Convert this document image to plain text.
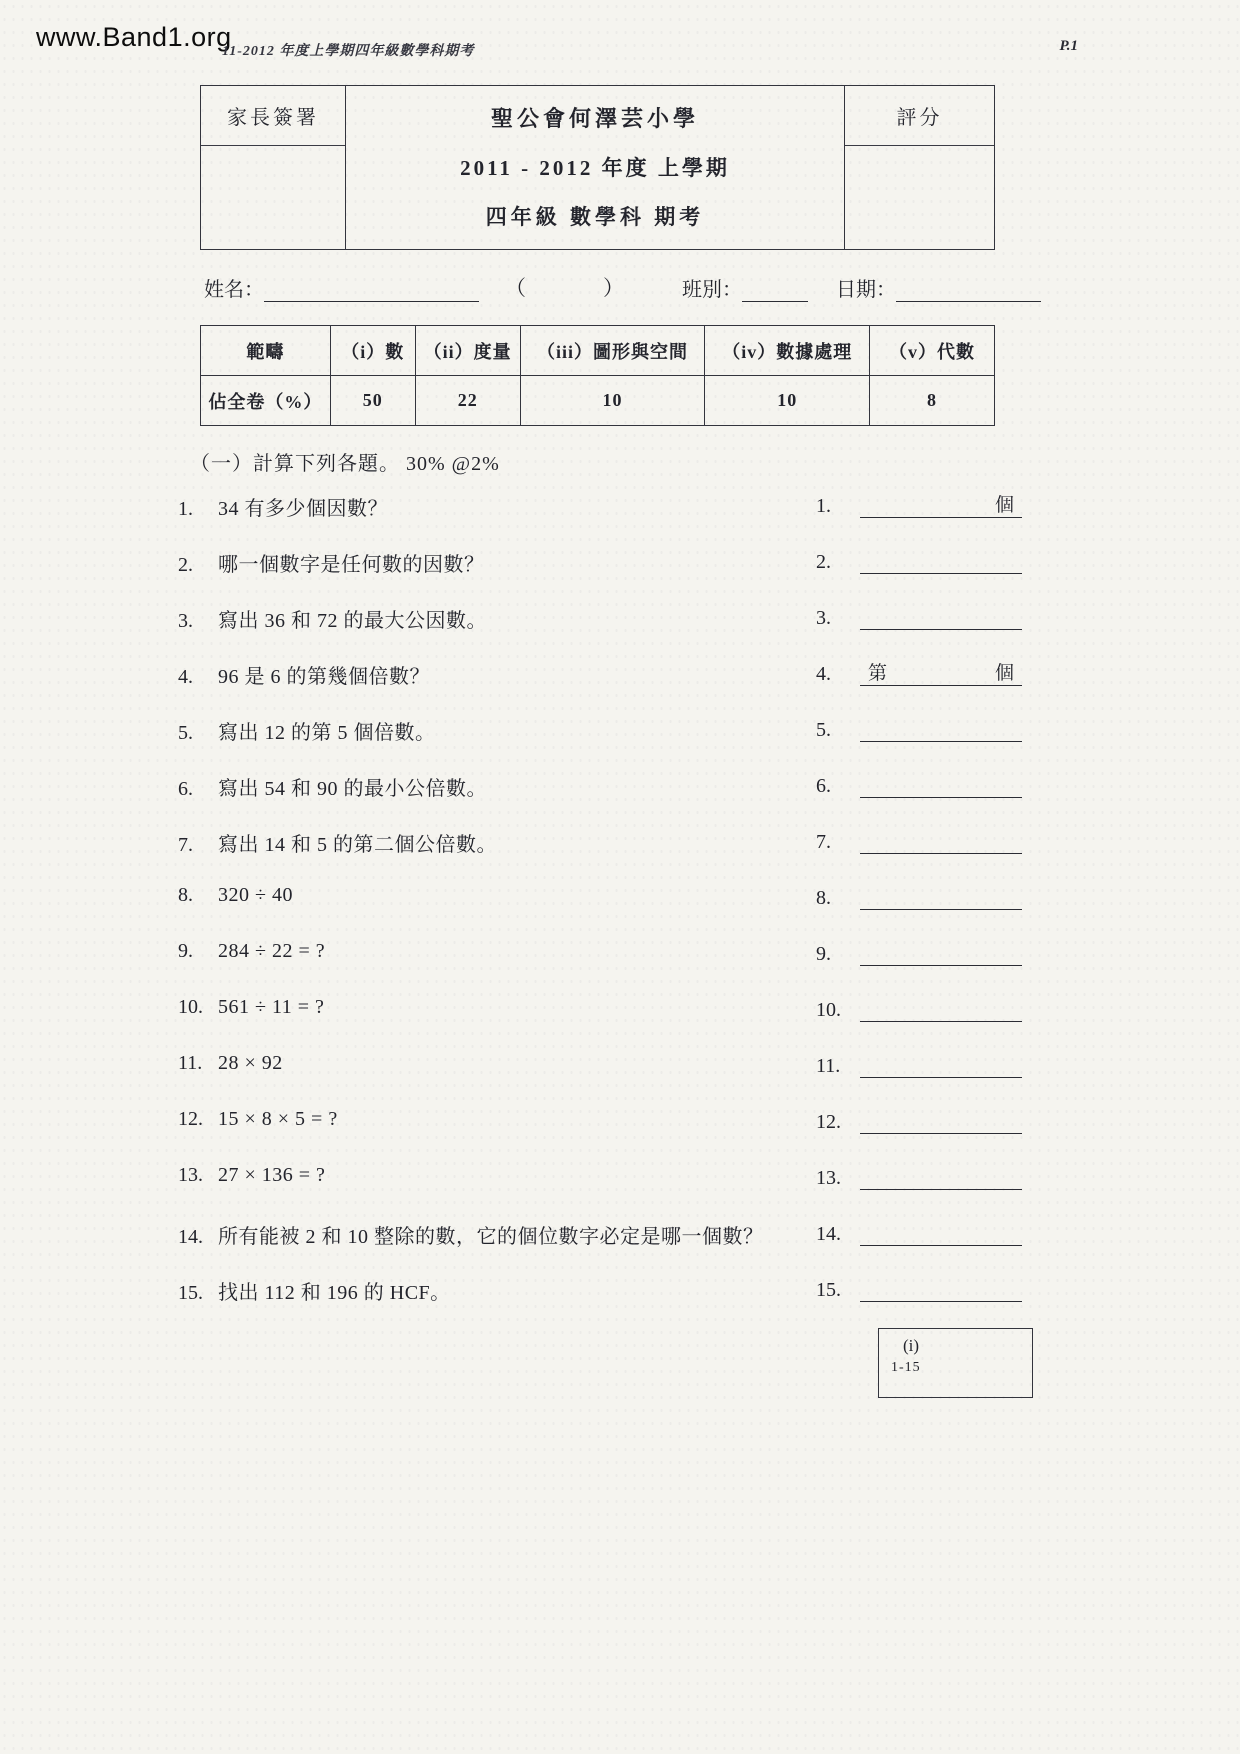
www.Band1.org
11-2012 年度上學期四年級數學科期考	P.1
家長簽署	聖公會何澤芸小學
2011 - 2012 年度 上學期
四年級 數學科 期考
評分
姓名：	（　） 班別：	日期：
範疇	（i）數	（ii）度量	（iii）圖形與空間	（iv）數據處理	（v）代數
佔全卷（%）	50	22	10	10	8
（一）計算下列各題。 30% @2%
1. 34 有多少個因數？	1.	個
2. 哪一個數字是任何數的因數？	2.
3. 寫出 36 和 72 的最大公因數。	3.
4. 96 是 6 的第幾個倍數？	4.	第	個
5. 寫出 12 的第 5 個倍數。	5.
6. 寫出 54 和 90 的最小公倍數。	6.
7. 寫出 14 和 5 的第二個公倍數。	7.
8. 320 ÷ 40	8.
9. 284 ÷ 22 = ?	9.
10. 561 ÷ 11 = ?	10.
11. 28 × 92	11.
12. 15 × 8 × 5 = ?	12.
13. 27 × 136 = ?	13.
14. 所有能被 2 和 10 整除的數，它的個位數字必定是哪一個數？	14.
15. 找出 112 和 196 的 HCF。	15.
(i)
1-15
